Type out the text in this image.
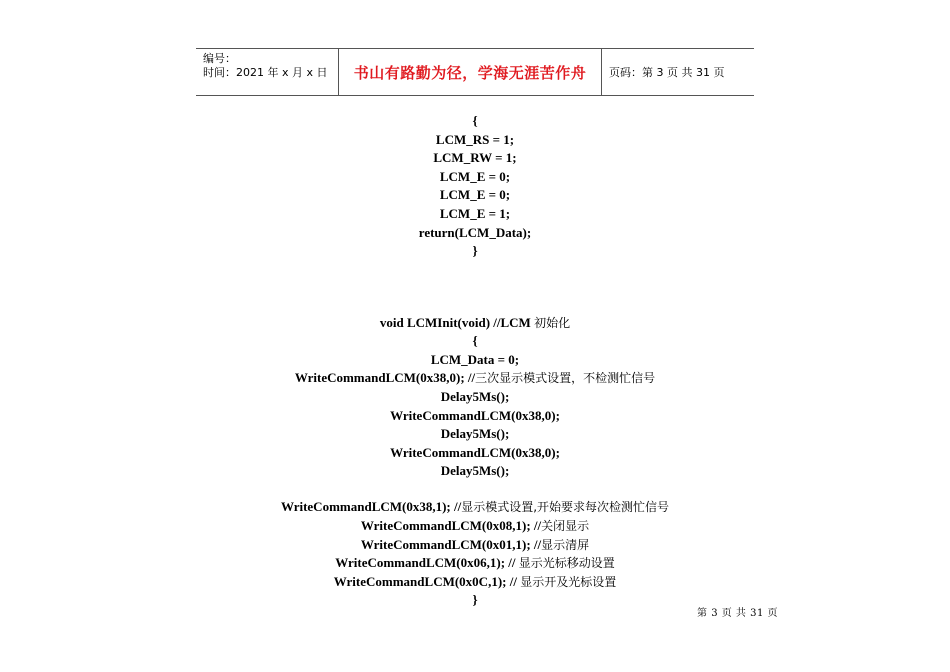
编号：
时间：2021 年 x 月 x 日	书山有路勤为径，学海无涯苦作舟 页码：第 3 页 共 31 页
{
LCM_RS = 1;
LCM_RW = 1;
LCM_E = 0;
LCM_E = 0;
LCM_E = 1;
return(LCM_Data);
}
void LCMInit(void) //LCM 初始化
{
LCM_Data = 0;
WriteCommandLCM(0x38,0); //三次显示模式设置，不检测忙信号
Delay5Ms();
WriteCommandLCM(0x38,0);
Delay5Ms();
WriteCommandLCM(0x38,0);
Delay5Ms();
WriteCommandLCM(0x38,1); //显示模式设置,开始要求每次检测忙信号
WriteCommandLCM(0x08,1); //关闭显示
WriteCommandLCM(0x01,1); //显示清屏
WriteCommandLCM(0x06,1); // 显示光标移动设置
WriteCommandLCM(0x0C,1); // 显示开及光标设置
}
第 3 页 共 31 页
